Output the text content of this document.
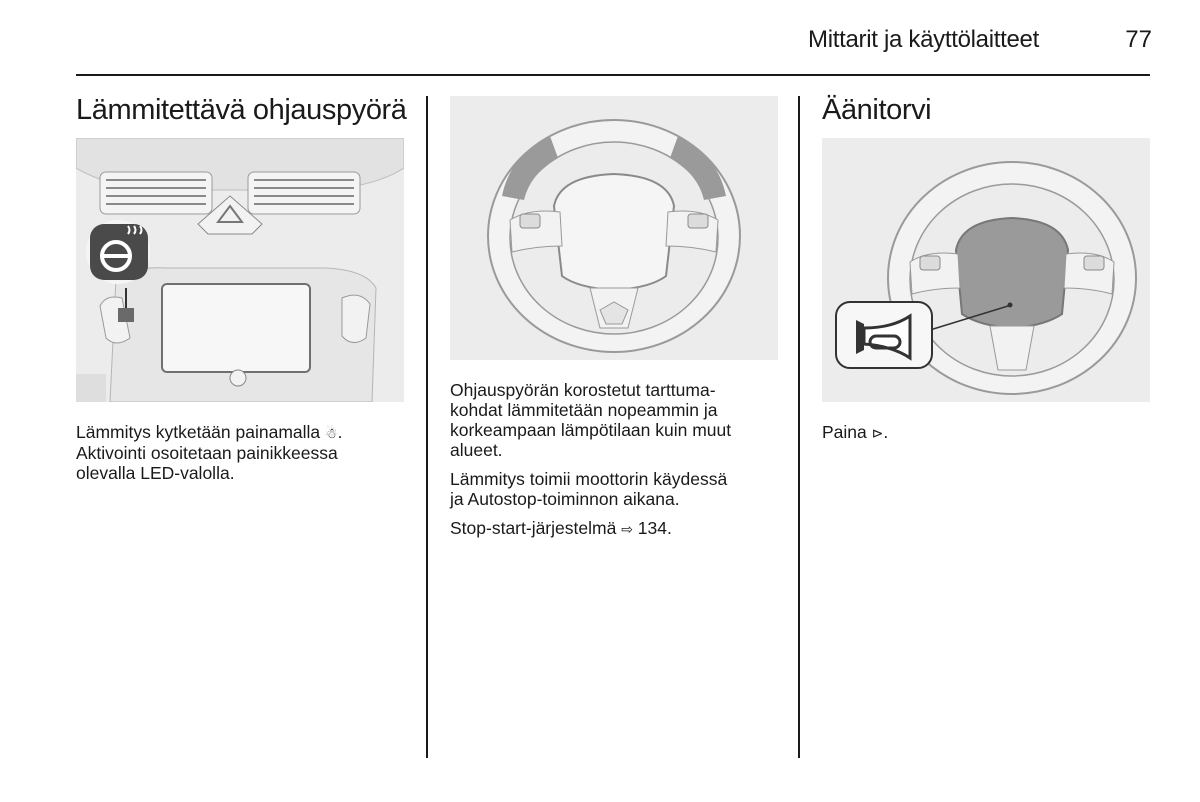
Mittarit ja käyttölaitteet	77
Lämmitettävä ohjauspyörä

Lämmitys kytketään painamalla ☃.
Aktivointi osoitetaan painikkeessa
olevalla LED-valolla.

Ohjauspyörän korostetut tarttuma-
kohdat lämmitetään nopeammin ja
korkeampaan lämpötilaan kuin muut
alueet.

Lämmitys toimii moottorin käydessä
ja Autostop-toiminnon aikana.

Stop-start-järjestelmä ⇨ 134.

Äänitorvi

Paina ⊳.
